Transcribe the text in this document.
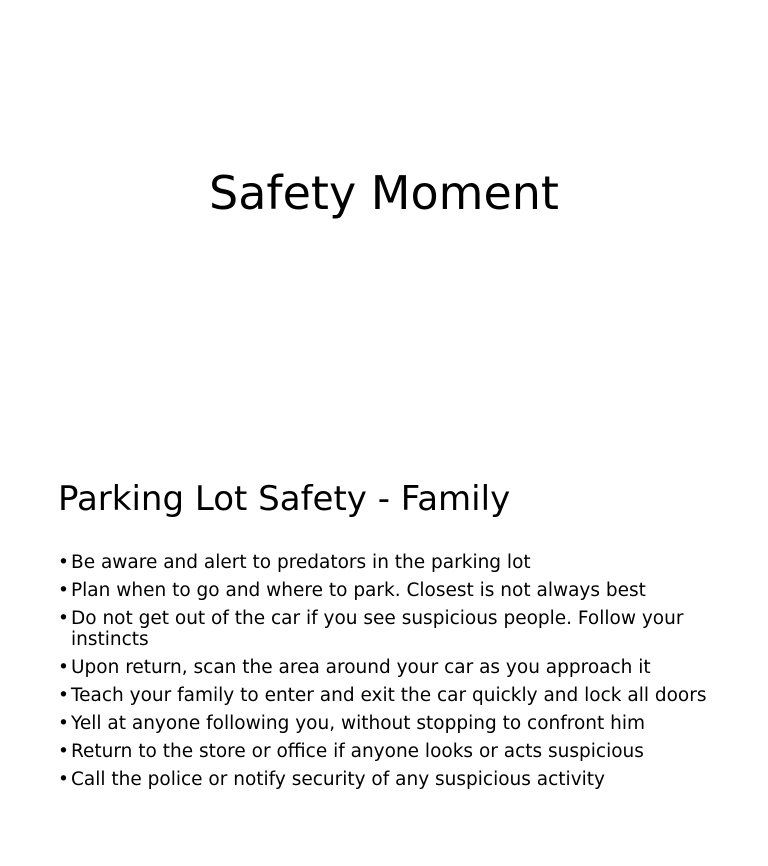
Safety Moment
Parking Lot Safety - Family
• Be aware and alert to predators in the parking lot
• Plan when to go and where to park. Closest is not always best
• Do not get out of the car if you see suspicious people. Follow your instincts
• Upon return, scan the area around your car as you approach it
• Teach your family to enter and exit the car quickly and lock all doors
• Yell at anyone following you, without stopping to confront him
• Return to the store or office if anyone looks or acts suspicious
• Call the police or notify security of any suspicious activity
